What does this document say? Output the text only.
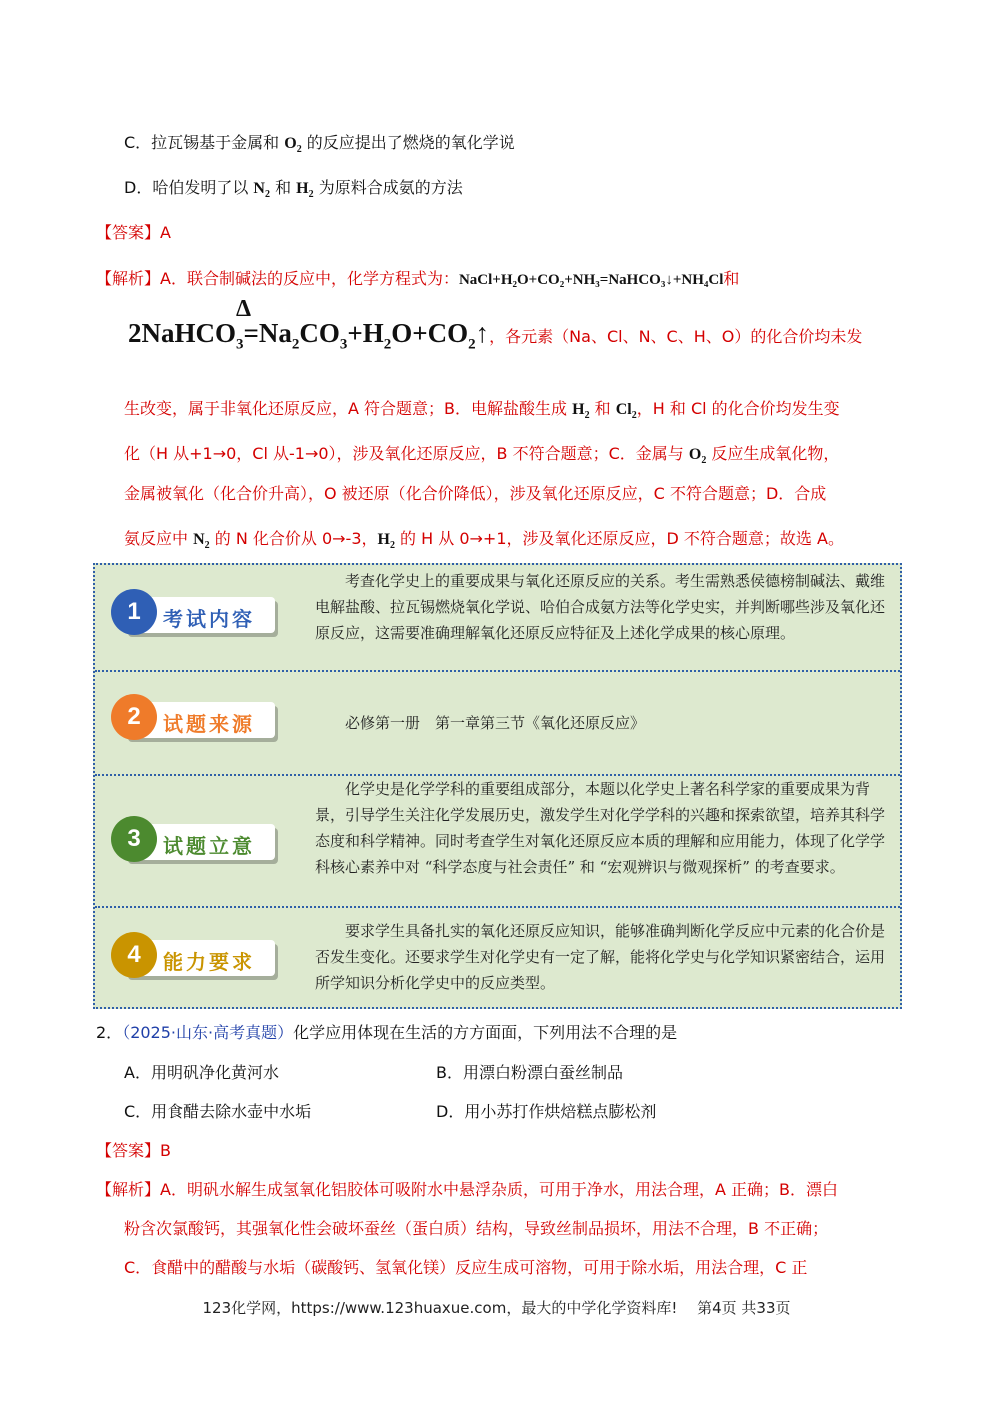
C．拉瓦锡基于金属和 $O_2$ 的反应提出了燃烧的氧化学说
D．哈伯发明了以 $N_2$ 和 $H_2$ 为原料合成氨的方法
【答案】A
【解析】A．联合制碱法的反应中，化学方程式为：NaCl+H₂O+CO₂+NH₃=NaHCO₃↓+NH₄Cl和
Δ
$2NaHCO_3=Na_2CO_3+H_2O+CO_2↑$，各元素（Na、Cl、N、C、H、O）的化合价均未发
生改变，属于非氧化还原反应，A 符合题意；B．电解盐酸生成 $H_2$ 和 $Cl_2$，H 和 Cl 的化合价均发生变
化（H 从+1→0，Cl 从-1→0），涉及氧化还原反应，B 不符合题意；C．金属与 $O_2$ 反应生成氧化物，
金属被氧化（化合价升高），O 被还原（化合价降低），涉及氧化还原反应，C 不符合题意；D．合成
氨反应中 $N_2$ 的 N 化合价从 0→-3，$H_2$ 的 H 从 0→+1，涉及氧化还原反应，D 不符合题意；故选 A。
1	考试内容
考查化学史上的重要成果与氧化还原反应的关系。考生需熟悉侯德榜制碱法、戴维电解盐酸、拉瓦锡燃烧氧化学说、哈伯合成氨方法等化学史实，并判断哪些涉及氧化还原反应，这需要准确理解氧化还原反应特征及上述化学成果的核心原理。
2	试题来源	必修第一册　第一章第三节《氧化还原反应》
3	试题立意
化学史是化学学科的重要组成部分，本题以化学史上著名科学家的重要成果为背景，引导学生关注化学发展历史，激发学生对化学学科的兴趣和探索欲望，培养其科学态度和科学精神。同时考查学生对氧化还原反应本质的理解和应用能力，体现了化学学科核心素养中对 “科学态度与社会责任” 和 “宏观辨识与微观探析” 的考查要求。
4	能力要求
要求学生具备扎实的氧化还原反应知识，能够准确判断化学反应中元素的化合价是否发生变化。还要求学生对化学史有一定了解，能将化学史与化学知识紧密结合，运用所学知识分析化学史中的反应类型。
2．（2025·山东·高考真题）化学应用体现在生活的方方面面，下列用法不合理的是
A．用明矾净化黄河水	B．用漂白粉漂白蚕丝制品
C．用食醋去除水壶中水垢	D．用小苏打作烘焙糕点膨松剂
【答案】B
【解析】A．明矾水解生成氢氧化铝胶体可吸附水中悬浮杂质，可用于净水，用法合理，A 正确；B．漂白
粉含次氯酸钙，其强氧化性会破坏蚕丝（蛋白质）结构，导致丝制品损坏，用法不合理，B 不正确；
C．食醋中的醋酸与水垢（碳酸钙、氢氧化镁）反应生成可溶物，可用于除水垢，用法合理，C 正
123化学网，https://www.123huaxue.com，最大的中学化学资料库!　 第4页 共33页
